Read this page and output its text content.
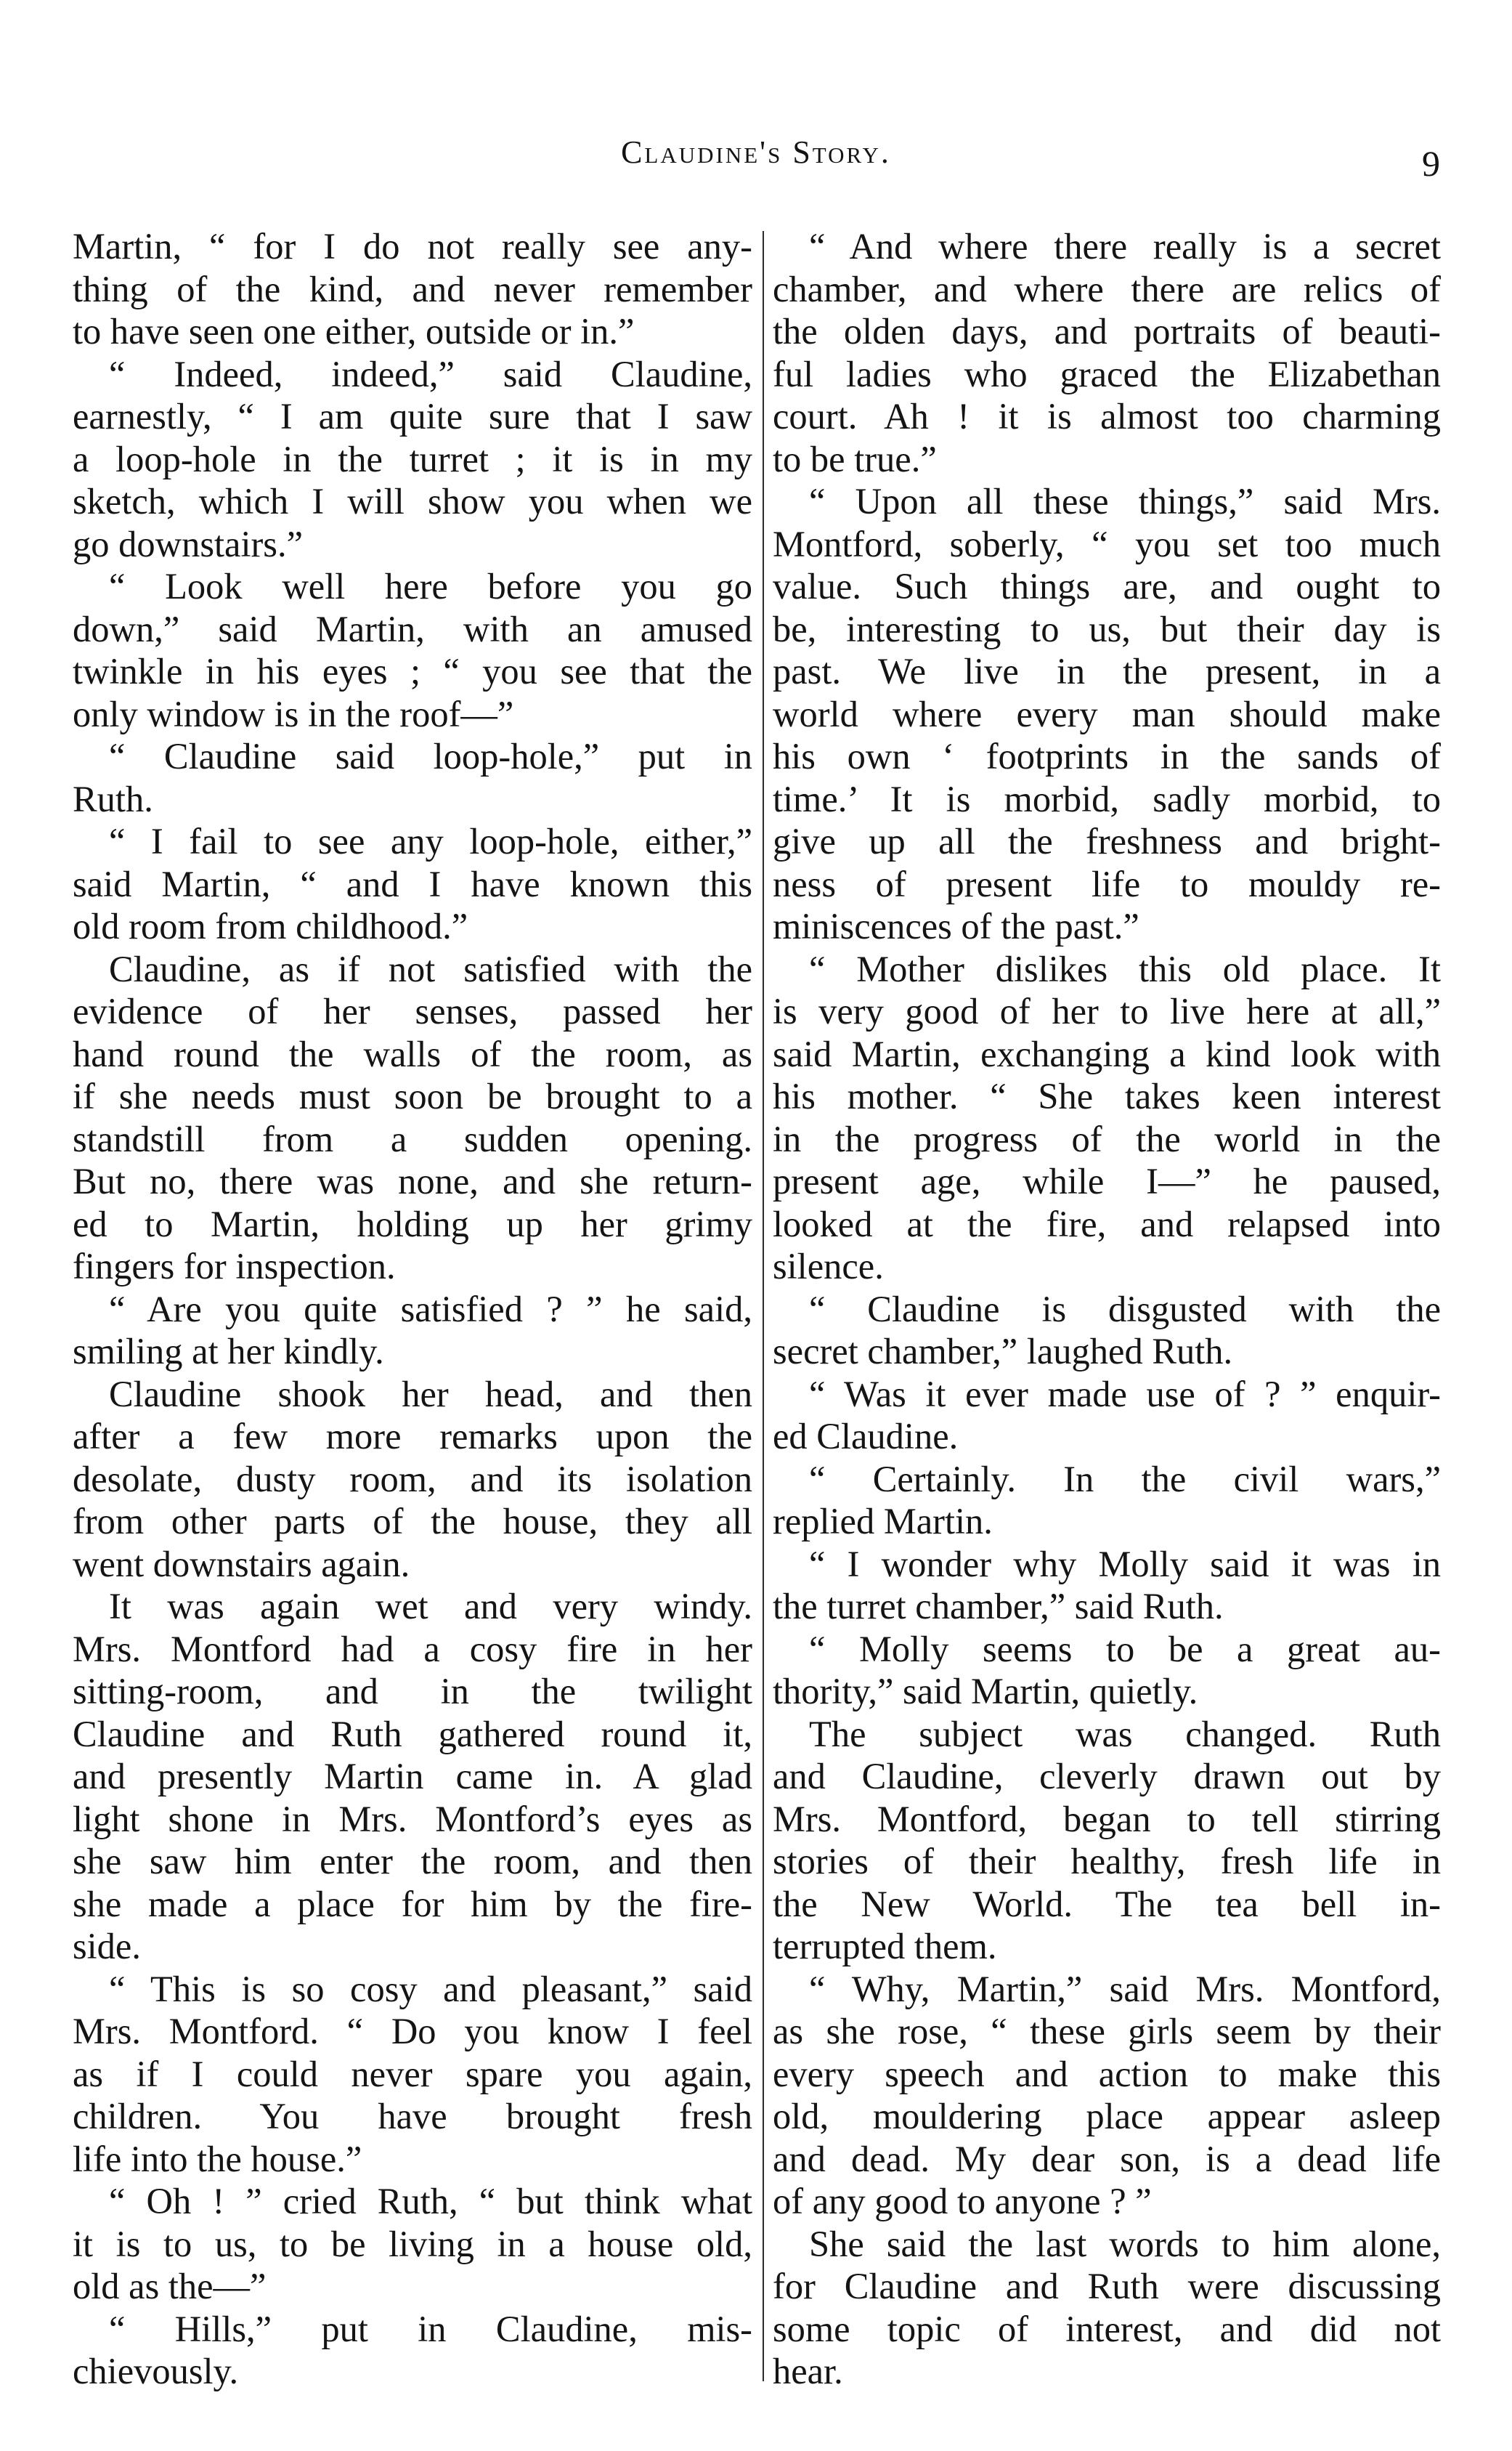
Claudine's Story.	9
Martin, “ for I do not really see any-
thing of the kind, and never remember
to have seen one either, outside or in.”
“ Indeed, indeed,” said Claudine,
earnestly, “ I am quite sure that I saw
a loop-hole in the turret ; it is in my
sketch, which I will show you when we
go downstairs.”
“ Look well here before you go
down,” said Martin, with an amused
twinkle in his eyes ; “ you see that the
only window is in the roof—”
“ Claudine said loop-hole,” put in
Ruth.
“ I fail to see any loop-hole, either,”
said Martin, “ and I have known this
old room from childhood.”
Claudine, as if not satisfied with the
evidence of her senses, passed her
hand round the walls of the room, as
if she needs must soon be brought to a
standstill from a sudden opening.
But no, there was none, and she return-
ed to Martin, holding up her grimy
fingers for inspection.
“ Are you quite satisfied ? ” he said,
smiling at her kindly.
Claudine shook her head, and then
after a few more remarks upon the
desolate, dusty room, and its isolation
from other parts of the house, they all
went downstairs again.
It was again wet and very windy.
Mrs. Montford had a cosy fire in her
sitting-room, and in the twilight
Claudine and Ruth gathered round it,
and presently Martin came in. A glad
light shone in Mrs. Montford’s eyes as
she saw him enter the room, and then
she made a place for him by the fire-
side.
“ This is so cosy and pleasant,” said
Mrs. Montford. “ Do you know I feel
as if I could never spare you again,
children. You have brought fresh
life into the house.”
“ Oh ! ” cried Ruth, “ but think what
it is to us, to be living in a house old,
old as the—”
“ Hills,” put in Claudine, mis-
chievously.
“ And where there really is a secret
chamber, and where there are relics of
the olden days, and portraits of beauti-
ful ladies who graced the Elizabethan
court. Ah ! it is almost too charming
to be true.”
“ Upon all these things,” said Mrs.
Montford, soberly, “ you set too much
value. Such things are, and ought to
be, interesting to us, but their day is
past. We live in the present, in a
world where every man should make
his own ‘ footprints in the sands of
time.’ It is morbid, sadly morbid, to
give up all the freshness and bright-
ness of present life to mouldy re-
miniscences of the past.”
“ Mother dislikes this old place. It
is very good of her to live here at all,”
said Martin, exchanging a kind look with
his mother. “ She takes keen interest
in the progress of the world in the
present age, while I—” he paused,
looked at the fire, and relapsed into
silence.
“ Claudine is disgusted with the
secret chamber,” laughed Ruth.
“ Was it ever made use of ? ” enquir-
ed Claudine.
“ Certainly. In the civil wars,”
replied Martin.
“ I wonder why Molly said it was in
the turret chamber,” said Ruth.
“ Molly seems to be a great au-
thority,” said Martin, quietly.
The subject was changed. Ruth
and Claudine, cleverly drawn out by
Mrs. Montford, began to tell stirring
stories of their healthy, fresh life in
the New World. The tea bell in-
terrupted them.
“ Why, Martin,” said Mrs. Montford,
as she rose, “ these girls seem by their
every speech and action to make this
old, mouldering place appear asleep
and dead. My dear son, is a dead life
of any good to anyone ? ”
She said the last words to him alone,
for Claudine and Ruth were discussing
some topic of interest, and did not
hear.
